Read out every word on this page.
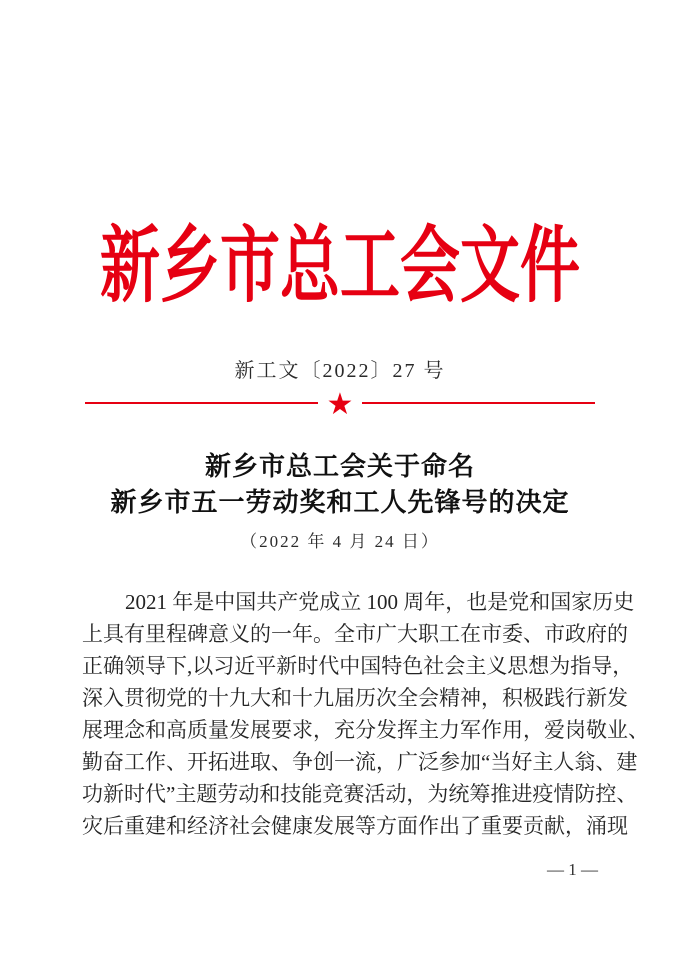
新乡市总工会文件
新工文〔2022〕27 号
★
新乡市总工会关于命名
新乡市五一劳动奖和工人先锋号的决定
（2022 年 4 月 24 日）
2021 年是中国共产党成立 100 周年，也是党和国家历史
上具有里程碑意义的一年。全市广大职工在市委、市政府的
正确领导下,以习近平新时代中国特色社会主义思想为指导，
深入贯彻党的十九大和十九届历次全会精神，积极践行新发
展理念和高质量发展要求，充分发挥主力军作用，爱岗敬业、
勤奋工作、开拓进取、争创一流，广泛参加“当好主人翁、建
功新时代”主题劳动和技能竞赛活动，为统筹推进疫情防控、
灾后重建和经济社会健康发展等方面作出了重要贡献，涌现
— 1 —
